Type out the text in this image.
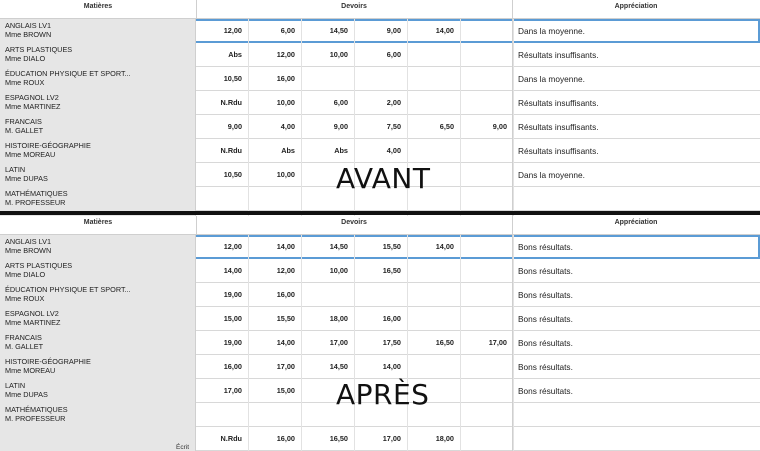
Matières	Devoirs	Appréciation
ANGLAIS LV1
Mme BROWN	12,00	6,00	14,50	9,00	14,00	Dans la moyenne.
ARTS PLASTIQUES
Mme DIALO	Abs	12,00	10,00	6,00	Résultats insuffisants.
ÉDUCATION PHYSIQUE ET SPORT...
Mme ROUX	10,50	16,00	Dans la moyenne.
ESPAGNOL LV2
Mme MARTINEZ	N.Rdu	10,00	6,00	2,00	Résultats insuffisants.
FRANCAIS
M. GALLET	9,00	4,00	9,00	7,50	6,50	9,00	Résultats insuffisants.
HISTOIRE-GÉOGRAPHIE
Mme MOREAU	N.Rdu	Abs	Abs	4,00	Résultats insuffisants.
LATIN
Mme DUPAS	10,50	10,00	Dans la moyenne.
MATHÉMATIQUES
M. PROFESSEUR
AVANT
Matières	Devoirs	Appréciation
ANGLAIS LV1
Mme BROWN	12,00	14,00	14,50	15,50	14,00	Bons résultats.
ARTS PLASTIQUES
Mme DIALO	14,00	12,00	10,00	16,50	Bons résultats.
ÉDUCATION PHYSIQUE ET SPORT...
Mme ROUX	19,00	16,00	Bons résultats.
ESPAGNOL LV2
Mme MARTINEZ	15,00	15,50	18,00	16,00	Bons résultats.
FRANCAIS
M. GALLET	19,00	14,00	17,00	17,50	16,50	17,00	Bons résultats.
HISTOIRE-GÉOGRAPHIE
Mme MOREAU	16,00	17,00	14,50	14,00	Bons résultats.
LATIN
Mme DUPAS	17,00	15,00	Bons résultats.
MATHÉMATIQUES
M. PROFESSEUR
Écrit
N.Rdu	16,00	16,50	17,00	18,00
APRÈS
